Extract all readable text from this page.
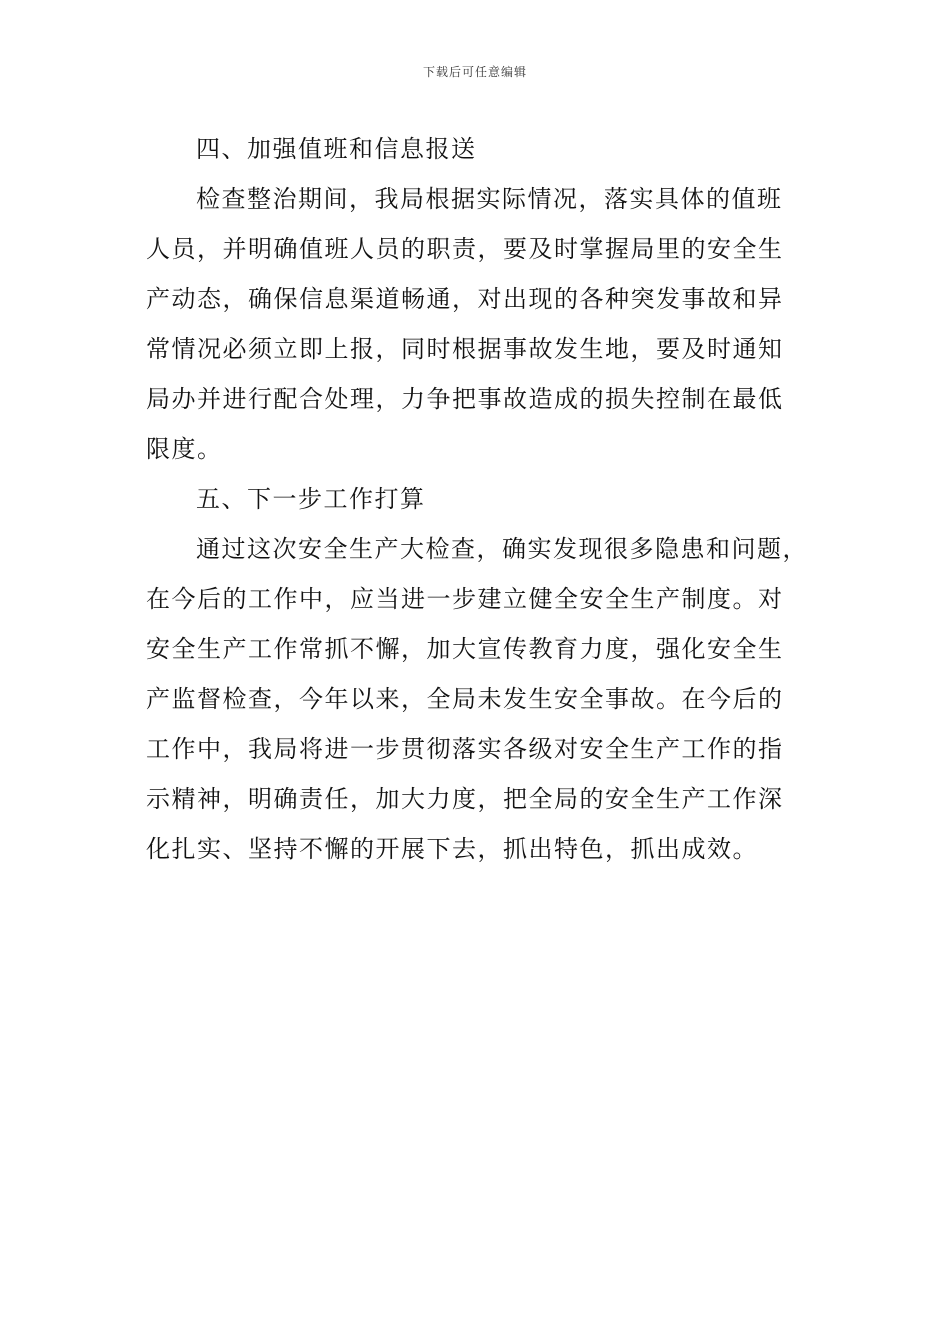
下载后可任意编辑
四、加强值班和信息报送
检查整治期间，我局根据实际情况，落实具体的值班
人员，并明确值班人员的职责，要及时掌握局里的安全生
产动态，确保信息渠道畅通，对出现的各种突发事故和异
常情况必须立即上报，同时根据事故发生地，要及时通知
局办并进行配合处理，力争把事故造成的损失控制在最低
限度。
五、下一步工作打算
通过这次安全生产大检查，确实发现很多隐患和问题，
在今后的工作中，应当进一步建立健全安全生产制度。对
安全生产工作常抓不懈，加大宣传教育力度，强化安全生
产监督检查，今年以来，全局未发生安全事故。在今后的
工作中，我局将进一步贯彻落实各级对安全生产工作的指
示精神，明确责任，加大力度，把全局的安全生产工作深
化扎实、坚持不懈的开展下去，抓出特色，抓出成效。
